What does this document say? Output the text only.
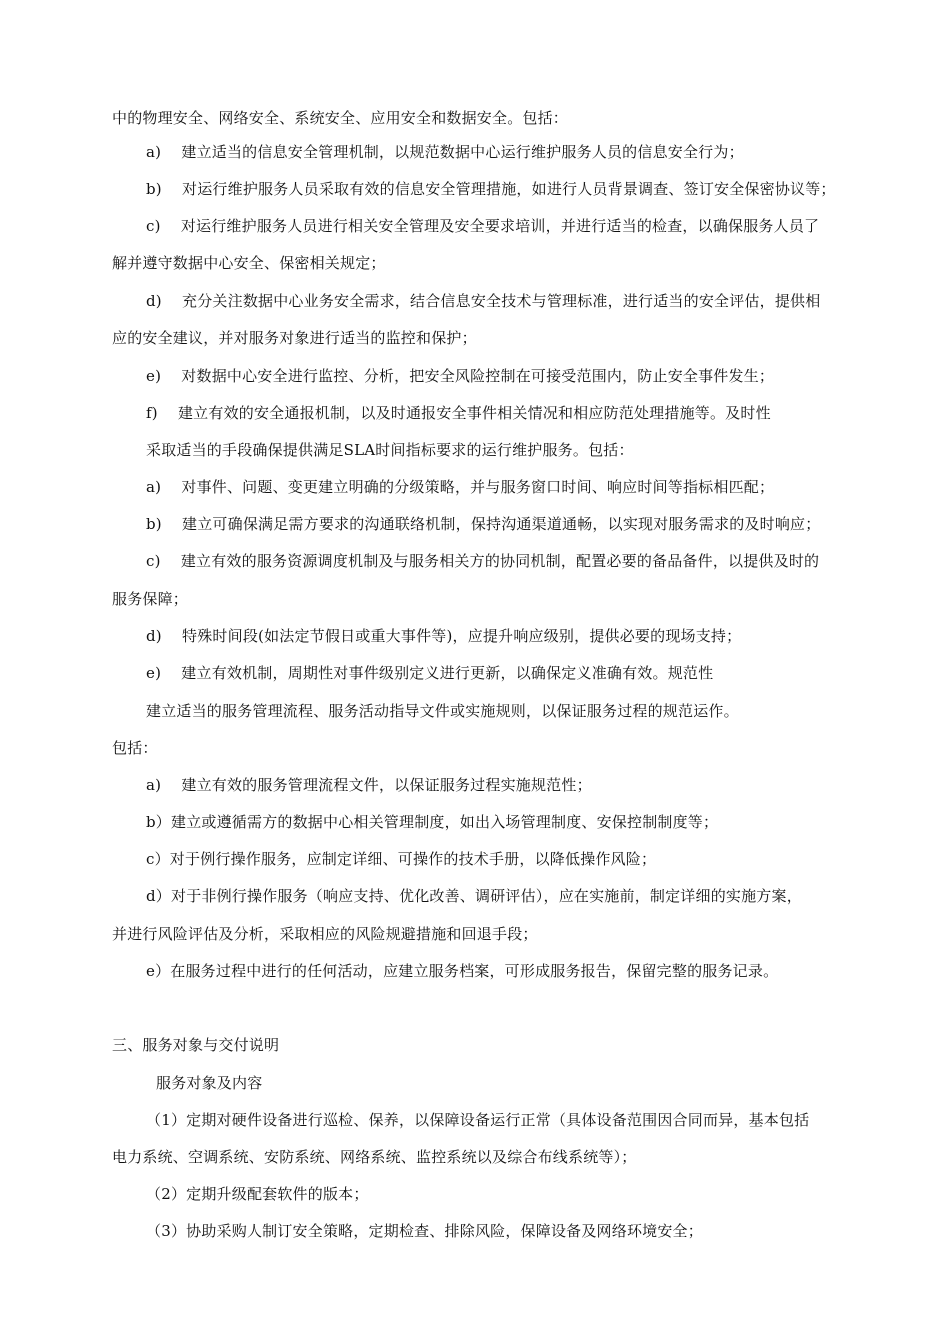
中的物理安全、网络安全、系统安全、应用安全和数据安全。包括：
a)　 建立适当的信息安全管理机制，以规范数据中心运行维护服务人员的信息安全行为；
b)　 对运行维护服务人员采取有效的信息安全管理措施，如进行人员背景调查、签订安全保密协议等；
c)　 对运行维护服务人员进行相关安全管理及安全要求培训，并进行适当的检查，以确保服务人员了
解并遵守数据中心安全、保密相关规定；
d)　 充分关注数据中心业务安全需求，结合信息安全技术与管理标准，进行适当的安全评估，提供相
应的安全建议，并对服务对象进行适当的监控和保护；
e)　 对数据中心安全进行监控、分析，把安全风险控制在可接受范围内，防止安全事件发生；
f)　 建立有效的安全通报机制，以及时通报安全事件相关情况和相应防范处理措施等。及时性
采取适当的手段确保提供满足SLA时间指标要求的运行维护服务。包括：
a)　 对事件、问题、变更建立明确的分级策略，并与服务窗口时间、响应时间等指标相匹配；
b)　 建立可确保满足需方要求的沟通联络机制，保持沟通渠道通畅，以实现对服务需求的及时响应；
c)　 建立有效的服务资源调度机制及与服务相关方的协同机制，配置必要的备品备件，以提供及时的
服务保障；
d)　 特殊时间段(如法定节假日或重大事件等)，应提升响应级别，提供必要的现场支持；
e)　 建立有效机制，周期性对事件级别定义进行更新，以确保定义准确有效。规范性
建立适当的服务管理流程、服务活动指导文件或实施规则，以保证服务过程的规范运作。
包括：
a)　 建立有效的服务管理流程文件，以保证服务过程实施规范性；
b）建立或遵循需方的数据中心相关管理制度，如出入场管理制度、安保控制制度等；
c）对于例行操作服务，应制定详细、可操作的技术手册，以降低操作风险；
d）对于非例行操作服务（响应支持、优化改善、调研评估），应在实施前，制定详细的实施方案，
并进行风险评估及分析，采取相应的风险规避措施和回退手段；
e）在服务过程中进行的任何活动，应建立服务档案，可形成服务报告，保留完整的服务记录。
三、服务对象与交付说明
服务对象及内容
（1）定期对硬件设备进行巡检、保养，以保障设备运行正常（具体设备范围因合同而异，基本包括
电力系统、空调系统、安防系统、网络系统、监控系统以及综合布线系统等）；
（2）定期升级配套软件的版本；
（3）协助采购人制订安全策略，定期检查、排除风险，保障设备及网络环境安全；
